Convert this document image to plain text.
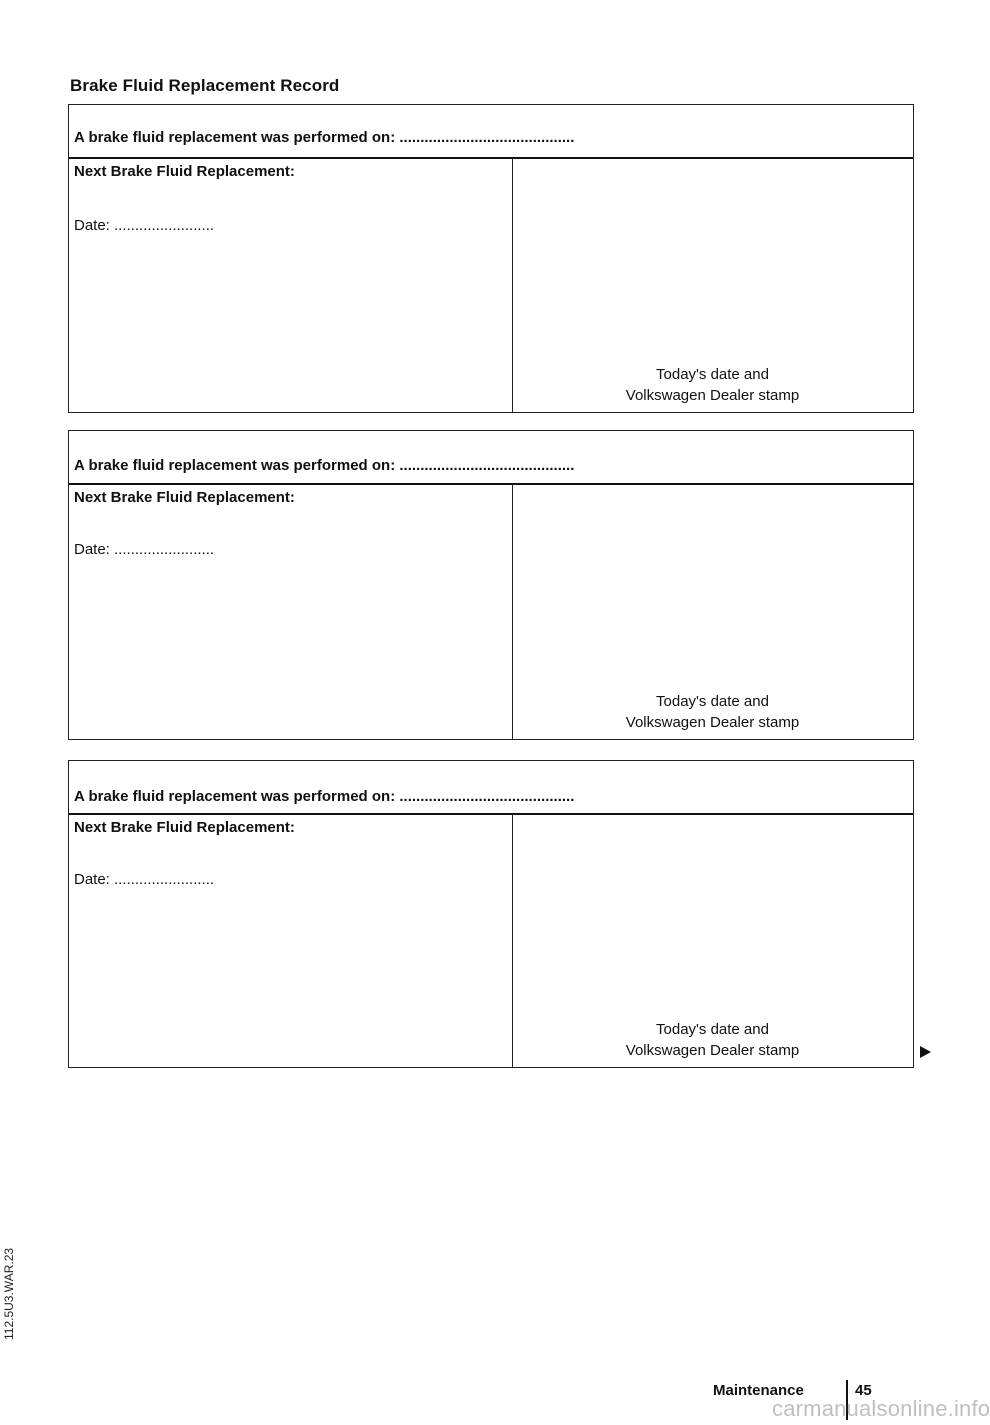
Brake Fluid Replacement Record
A brake fluid replacement was performed on: ..........................................
Next Brake Fluid Replacement:
Date: ........................
Today's date and
Volkswagen Dealer stamp
A brake fluid replacement was performed on: ..........................................
Next Brake Fluid Replacement:
Date: ........................
Today's date and
Volkswagen Dealer stamp
A brake fluid replacement was performed on: ..........................................
Next Brake Fluid Replacement:
Date: ........................
Today's date and
Volkswagen Dealer stamp
112.5U3.WAR.23
Maintenance	45
carmanualsonline.info
